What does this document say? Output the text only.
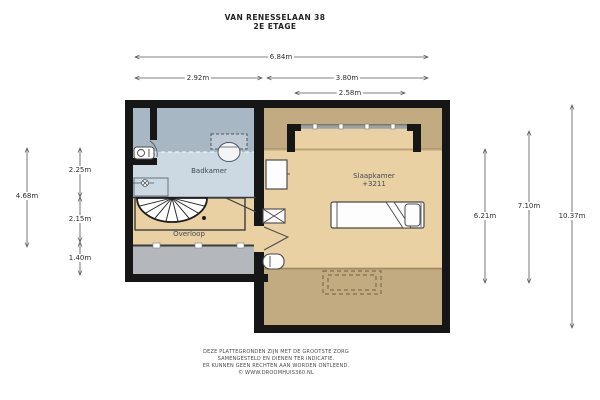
VAN RENESSELAAN 38
2E ETAGE
6.84m
2.92m	3.80m
2.58m
4.68m
2.25m
2.15m
1.40m
6.21m
7.10m
10.37m
Badkamer
Overloop
Slaapkamer
+3211
DEZE PLATTEGRONDEN ZIJN MET DE GROOTSTE ZORG
SAMENGESTELD EN DIENEN TER INDICATIE.
ER KUNNEN GEEN RECHTEN AAN WORDEN ONTLEEND.
© WWW.DROOMHUIS360.NL
